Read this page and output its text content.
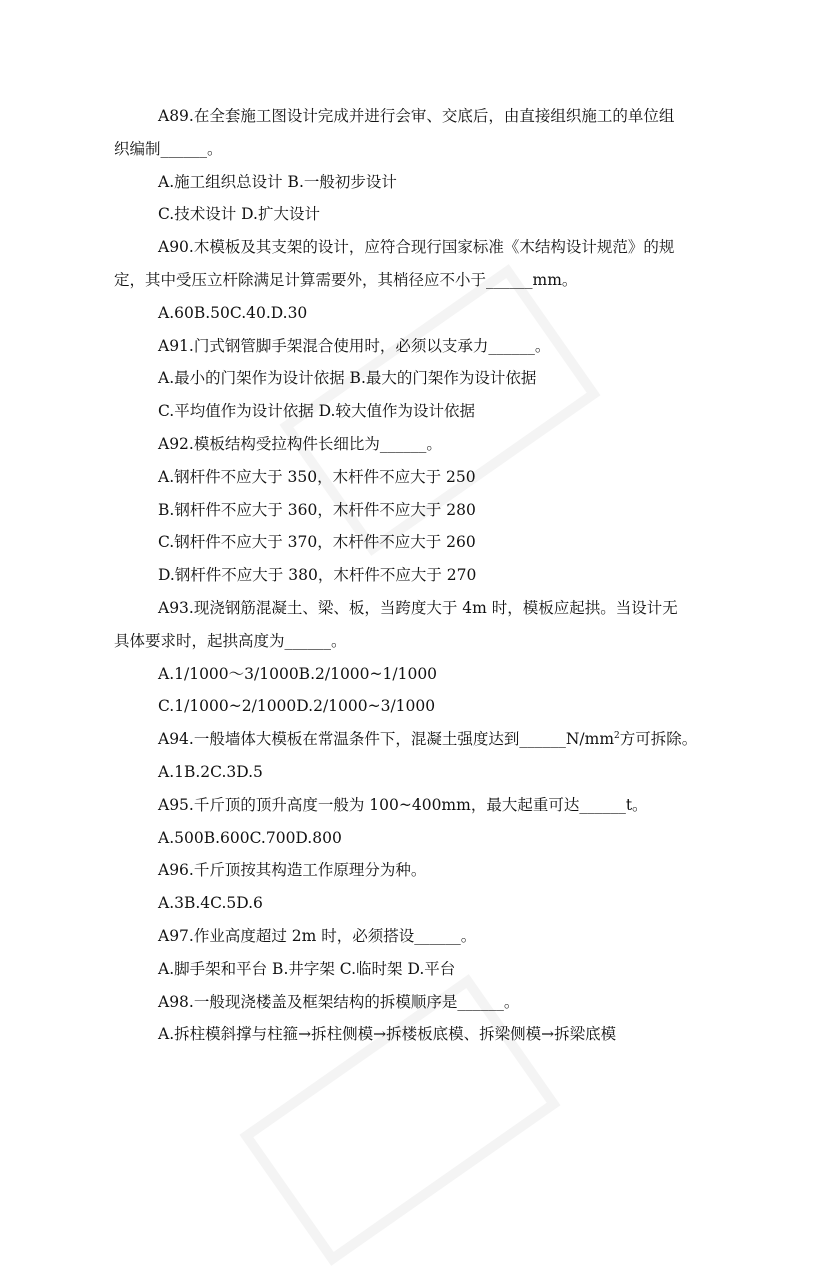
A89.在全套施工图设计完成并进行会审、交底后，由直接组织施工的单位组
织编制______。
A.施工组织总设计 B.一般初步设计
C.技术设计 D.扩大设计
A90.木模板及其支架的设计，应符合现行国家标准《木结构设计规范》的规
定，其中受压立杆除满足计算需要外，其梢径应不小于______mm。
A.60B.50C.40.D.30
A91.门式钢管脚手架混合使用时，必须以支承力______。
A.最小的门架作为设计依据 B.最大的门架作为设计依据
C.平均值作为设计依据 D.较大值作为设计依据
A92.模板结构受拉构件长细比为______。
A.钢杆件不应大于 350，木杆件不应大于 250
B.钢杆件不应大于 360，木杆件不应大于 280
C.钢杆件不应大于 370，木杆件不应大于 260
D.钢杆件不应大于 380，木杆件不应大于 270
A93.现浇钢筋混凝土、梁、板，当跨度大于 4m 时，模板应起拱。当设计无
具体要求时，起拱高度为______。
A.1/1000～3/1000B.2/1000~1/1000
C.1/1000~2/1000D.2/1000~3/1000
A94.一般墙体大模板在常温条件下，混凝土强度达到$\_\_\_\_\_\_N/mm^2$方可拆除。
A.1B.2C.3D.5
A95.千斤顶的顶升高度一般为 100~400mm，最大起重可达______t。
A.500B.600C.700D.800
A96.千斤顶按其构造工作原理分为种。
A.3B.4C.5D.6
A97.作业高度超过 2m 时，必须搭设______。
A.脚手架和平台 B.井字架 C.临时架 D.平台
A98.一般现浇楼盖及框架结构的拆模顺序是______。
A.拆柱模斜撑与柱箍→拆柱侧模→拆楼板底模、拆梁侧模→拆梁底模
